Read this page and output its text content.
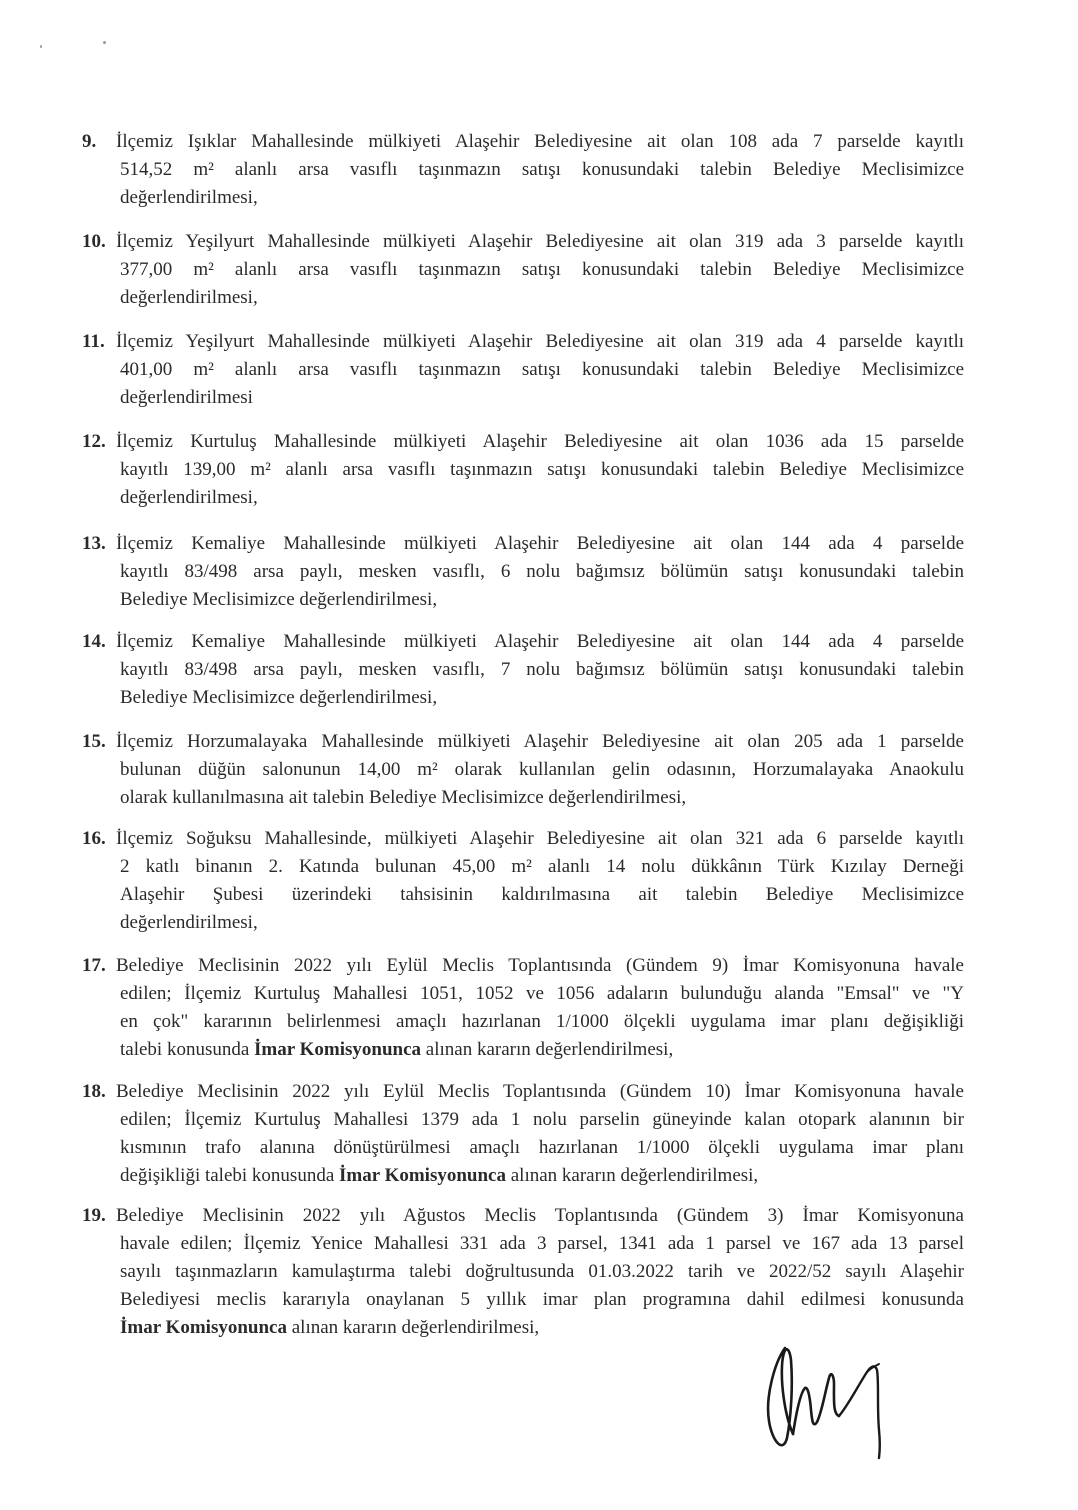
9. İlçemiz Işıklar Mahallesinde mülkiyeti Alaşehir Belediyesine ait olan 108 ada 7 parselde kayıtlı
514,52 m² alanlı arsa vasıflı taşınmazın satışı konusundaki talebin Belediye Meclisimizce
değerlendirilmesi,
10. İlçemiz Yeşilyurt Mahallesinde mülkiyeti Alaşehir Belediyesine ait olan 319 ada 3 parselde kayıtlı
377,00 m² alanlı arsa vasıflı taşınmazın satışı konusundaki talebin Belediye Meclisimizce
değerlendirilmesi,
11. İlçemiz Yeşilyurt Mahallesinde mülkiyeti Alaşehir Belediyesine ait olan 319 ada 4 parselde kayıtlı
401,00 m² alanlı arsa vasıflı taşınmazın satışı konusundaki talebin Belediye Meclisimizce
değerlendirilmesi
12. İlçemiz Kurtuluş Mahallesinde mülkiyeti Alaşehir Belediyesine ait olan 1036 ada 15 parselde
kayıtlı 139,00 m² alanlı arsa vasıflı taşınmazın satışı konusundaki talebin Belediye Meclisimizce
değerlendirilmesi,
13. İlçemiz Kemaliye Mahallesinde mülkiyeti Alaşehir Belediyesine ait olan 144 ada 4 parselde
kayıtlı 83/498 arsa paylı, mesken vasıflı, 6 nolu bağımsız bölümün satışı konusundaki talebin
Belediye Meclisimizce değerlendirilmesi,
14. İlçemiz Kemaliye Mahallesinde mülkiyeti Alaşehir Belediyesine ait olan 144 ada 4 parselde
kayıtlı 83/498 arsa paylı, mesken vasıflı, 7 nolu bağımsız bölümün satışı konusundaki talebin
Belediye Meclisimizce değerlendirilmesi,
15. İlçemiz Horzumalayaka Mahallesinde mülkiyeti Alaşehir Belediyesine ait olan 205 ada 1 parselde
bulunan düğün salonunun 14,00 m² olarak kullanılan gelin odasının, Horzumalayaka Anaokulu
olarak kullanılmasına ait talebin Belediye Meclisimizce değerlendirilmesi,
16. İlçemiz Soğuksu Mahallesinde, mülkiyeti Alaşehir Belediyesine ait olan 321 ada 6 parselde kayıtlı
2 katlı binanın 2. Katında bulunan 45,00 m² alanlı 14 nolu dükkânın Türk Kızılay Derneği
Alaşehir Şubesi üzerindeki tahsisinin kaldırılmasına ait talebin Belediye Meclisimizce
değerlendirilmesi,
17. Belediye Meclisinin 2022 yılı Eylül Meclis Toplantısında (Gündem 9) İmar Komisyonuna havale
edilen; İlçemiz Kurtuluş Mahallesi 1051, 1052 ve 1056 adaların bulunduğu alanda "Emsal" ve "Y
en çok" kararının belirlenmesi amaçlı hazırlanan 1/1000 ölçekli uygulama imar planı değişikliği
talebi konusunda İmar Komisyonunca alınan kararın değerlendirilmesi,
18. Belediye Meclisinin 2022 yılı Eylül Meclis Toplantısında (Gündem 10) İmar Komisyonuna havale
edilen; İlçemiz Kurtuluş Mahallesi 1379 ada 1 nolu parselin güneyinde kalan otopark alanının bir
kısmının trafo alanına dönüştürülmesi amaçlı hazırlanan 1/1000 ölçekli uygulama imar planı
değişikliği talebi konusunda İmar Komisyonunca alınan kararın değerlendirilmesi,
19. Belediye Meclisinin 2022 yılı Ağustos Meclis Toplantısında (Gündem 3) İmar Komisyonuna
havale edilen; İlçemiz Yenice Mahallesi 331 ada 3 parsel, 1341 ada 1 parsel ve 167 ada 13 parsel
sayılı taşınmazların kamulaştırma talebi doğrultusunda 01.03.2022 tarih ve 2022/52 sayılı Alaşehir
Belediyesi meclis kararıyla onaylanan 5 yıllık imar plan programına dahil edilmesi konusunda
İmar Komisyonunca alınan kararın değerlendirilmesi,
